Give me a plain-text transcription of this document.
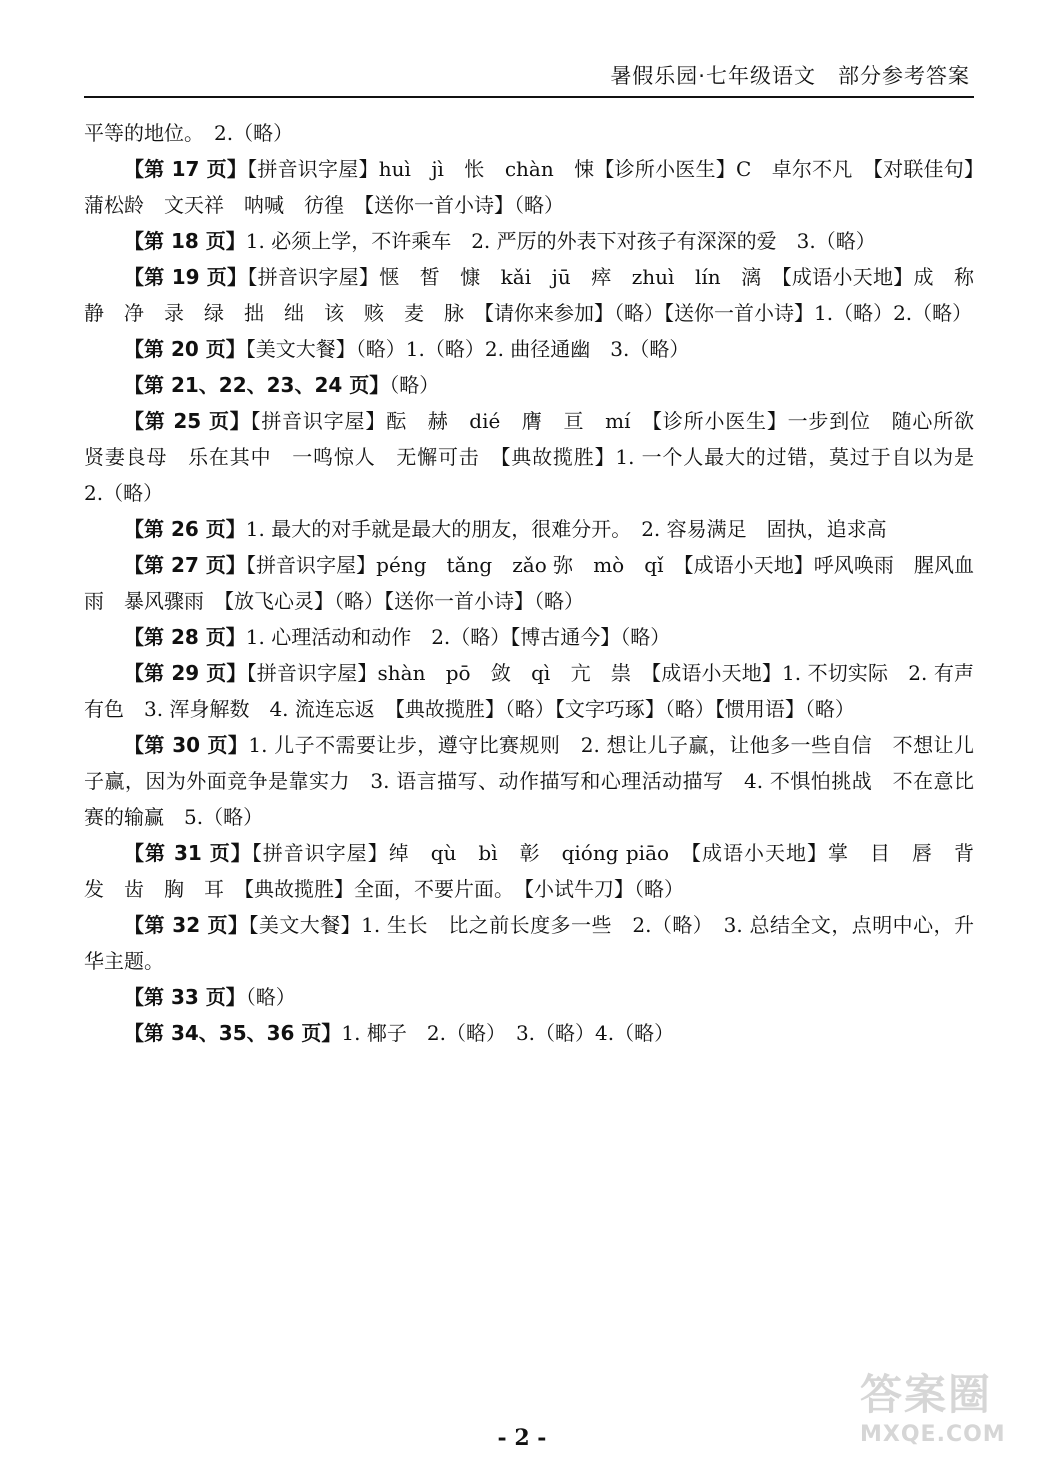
暑假乐园·七年级语文　部分参考答案

平等的地位。　2.（略）

【第 17 页】【拼音识字屋】huì　jì　怅　chàn　悚【诊所小医生】C　卓尔不凡　【对联佳句】蒲松龄　文天祥　呐喊　彷徨　【送你一首小诗】（略）

【第 18 页】1. 必须上学，不许乘车　2. 严厉的外表下对孩子有深深的爱　3.（略）

【第 19 页】【拼音识字屋】惬　皙　慷　kǎi　jū　瘁　zhuì　lín　漓　【成语小天地】成　称　静　净　录　绿　拙　绌　该　赅　麦　脉　【请你来参加】（略）【送你一首小诗】1.（略）2.（略）

【第 20 页】【美文大餐】（略）1.（略）2. 曲径通幽　3.（略）

【第 21、22、23、24 页】（略）

【第 25 页】【拼音识字屋】酝　赫　dié　膺　亘　mí　【诊所小医生】一步到位　随心所欲　贤妻良母　乐在其中　一鸣惊人　无懈可击　【典故揽胜】1. 一个人最大的过错，莫过于自以为是　2.（略）

【第 26 页】1. 最大的对手就是最大的朋友，很难分开。　2. 容易满足　固执，追求高

【第 27 页】【拼音识字屋】péng　tǎng　zǎo 弥　mò　qǐ　【成语小天地】呼风唤雨　腥风血雨　暴风骤雨　【放飞心灵】（略）【送你一首小诗】（略）

【第 28 页】1. 心理活动和动作　2.（略）【博古通今】（略）

【第 29 页】【拼音识字屋】shàn　pō　敛　qì　亢　祟　【成语小天地】1. 不切实际　2. 有声有色　3. 浑身解数　4. 流连忘返　【典故揽胜】（略）【文字巧琢】（略）【惯用语】（略）

【第 30 页】1. 儿子不需要让步，遵守比赛规则　2. 想让儿子赢，让他多一些自信　不想让儿子赢，因为外面竞争是靠实力　3. 语言描写、动作描写和心理活动描写　4. 不惧怕挑战　不在意比赛的输赢　5.（略）

【第 31 页】【拼音识字屋】绰　qù　bì　彰　qióng piāo　【成语小天地】掌　目　唇　背　发　齿　胸　耳　【典故揽胜】全面，不要片面。　【小试牛刀】（略）

【第 32 页】【美文大餐】1. 生长　比之前长度多一些　2.（略）　3. 总结全文，点明中心，升华主题。

【第 33 页】（略）

【第 34、35、36 页】1. 椰子　2.（略）　3.（略）4.（略）

答案圈
MXQE.COM
- 2 -
